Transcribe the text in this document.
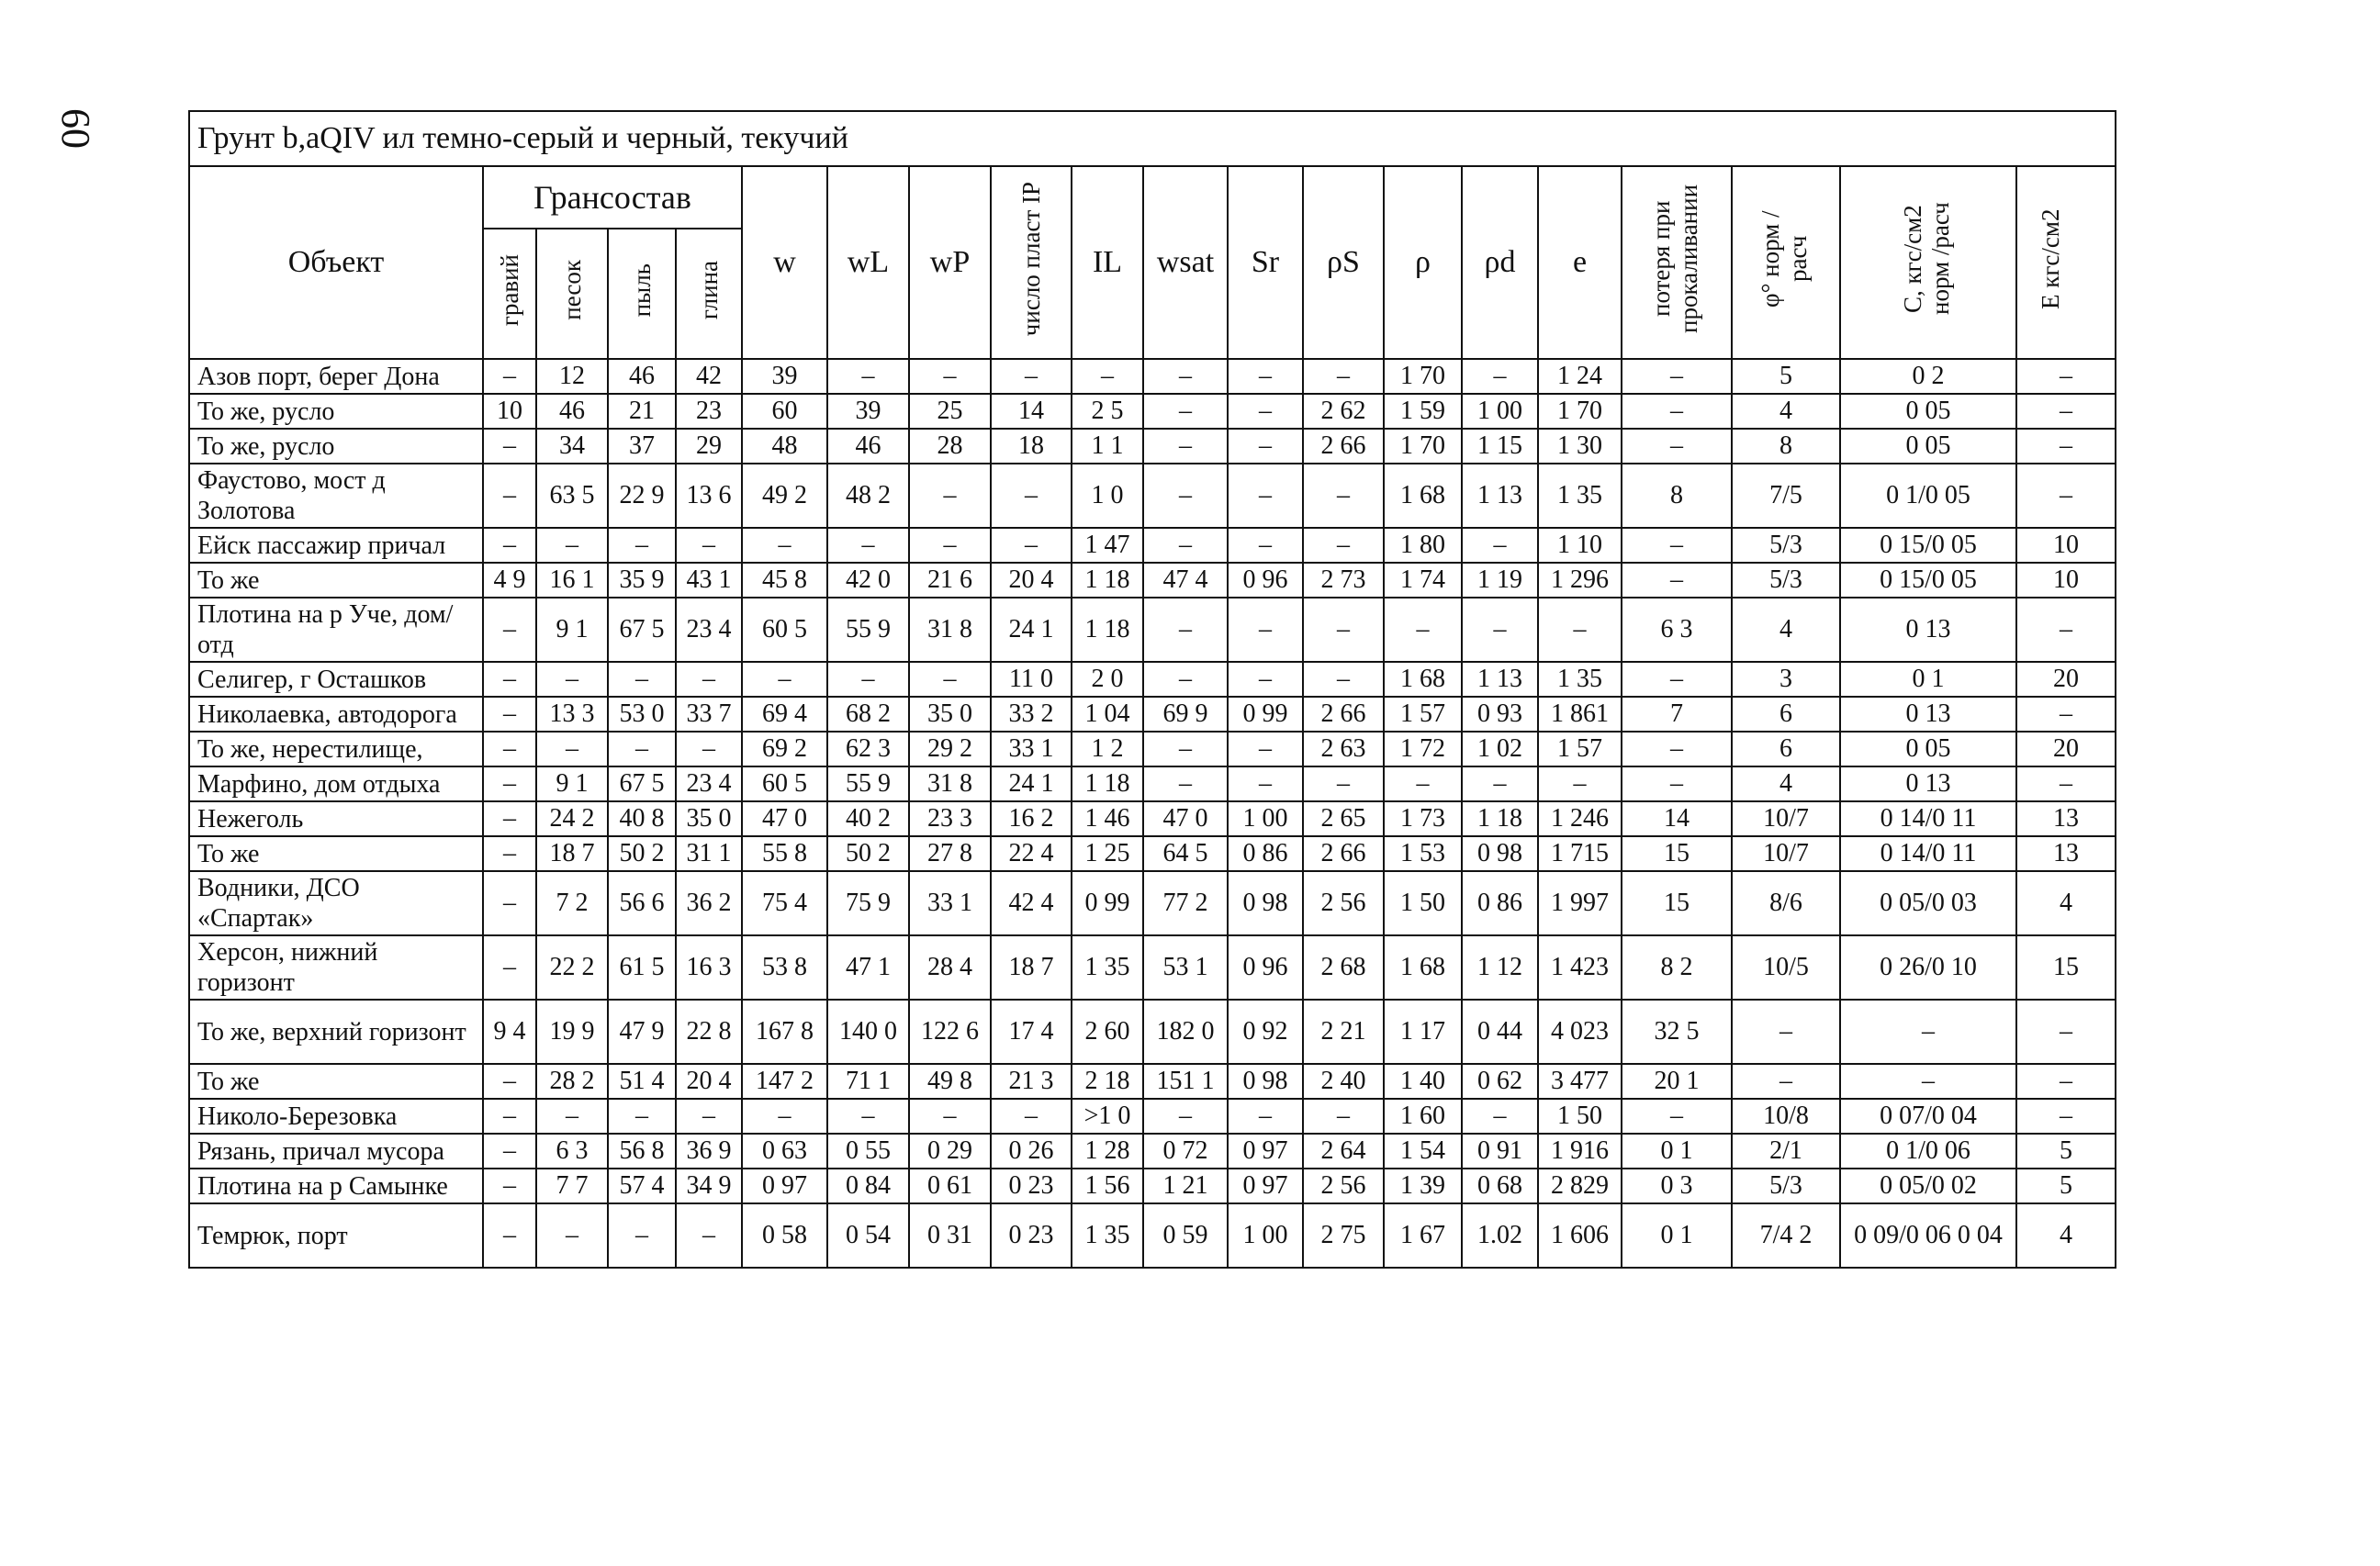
60	Грунт b,aQIV ил темно-серый и черный, текучий																			
Объект	Грансостав				w	wL	wP	число пласт IP	IL	wsat	Sr	ρS	ρ	ρd	e	потеря при прокаливании	φ° норм /расч	С, кгс/см2 норм /расч	Е кгс/см2
	гравий	песок	пыль	глина															
Азов порт, берег Дона	–	12	46	42	39	–	–	–	–	–	–	–	1 70	–	1 24	–	5	0 2	–
То же, русло	10	46	21	23	60	39	25	14	2 5	–	–	2 62	1 59	1 00	1 70	–	4	0 05	–
То же, русло	–	34	37	29	48	46	28	18	1 1	–	–	2 66	1 70	1 15	1 30	–	8	0 05	–
Фаустово, мост д Золотова	–	63 5	22 9	13 6	49 2	48 2	–	–	1 0	–	–	–	1 68	1 13	1 35	8	7/5	0 1/0 05	–
Ейск пассажир причал	–	–	–	–	–	–	–	–	1 47	–	–	–	1 80	–	1 10	–	5/3	0 15/0 05	10
То же	4 9	16 1	35 9	43 1	45 8	42 0	21 6	20 4	1 18	47 4	0 96	2 73	1 74	1 19	1 296	–	5/3	0 15/0 05	10
Плотина на р Уче, дом/отд	–	9 1	67 5	23 4	60 5	55 9	31 8	24 1	1 18	–	–	–	–	–	–	6 3	4	0 13	–
Селигер, г Осташков	–	–	–	–	–	–	–	11 0	2 0	–	–	–	1 68	1 13	1 35	–	3	0 1	20
Николаевка, автодорога	–	13 3	53 0	33 7	69 4	68 2	35 0	33 2	1 04	69 9	0 99	2 66	1 57	0 93	1 861	7	6	0 13	–
То же, нерестилище,	–	–	–	–	69 2	62 3	29 2	33 1	1 2	–	–	2 63	1 72	1 02	1 57	–	6	0 05	20
Марфино, дом отдыха	–	9 1	67 5	23 4	60 5	55 9	31 8	24 1	1 18	–	–	–	–	–	–	–	4	0 13	–
Нежеголь	–	24 2	40 8	35 0	47 0	40 2	23 3	16 2	1 46	47 0	1 00	2 65	1 73	1 18	1 246	14	10/7	0 14/0 11	13
То же	–	18 7	50 2	31 1	55 8	50 2	27 8	22 4	1 25	64 5	0 86	2 66	1 53	0 98	1 715	15	10/7	0 14/0 11	13
Водники, ДСО «Спартак»	–	7 2	56 6	36 2	75 4	75 9	33 1	42 4	0 99	77 2	0 98	2 56	1 50	0 86	1 997	15	8/6	0 05/0 03	4
Херсон, нижний горизонт	–	22 2	61 5	16 3	53 8	47 1	28 4	18 7	1 35	53 1	0 96	2 68	1 68	1 12	1 423	8 2	10/5	0 26/0 10	15
То же, верхний горизонт	9 4	19 9	47 9	22 8	167 8	140 0	122 6	17 4	2 60	182 0	0 92	2 21	1 17	0 44	4 023	32 5	–	–	–
То же	–	28 2	51 4	20 4	147 2	71 1	49 8	21 3	2 18	151 1	0 98	2 40	1 40	0 62	3 477	20 1	–	–	–
Николо-Березовка	–	–	–	–	–	–	–	–	>1 0	–	–	–	1 60	–	1 50	–	10/8	0 07/0 04	–
Рязань, причал мусора	–	6 3	56 8	36 9	0 63	0 55	0 29	0 26	1 28	0 72	0 97	2 64	1 54	0 91	1 916	0 1	2/1	0 1/0 06	5
Плотина на р Самынке	–	7 7	57 4	34 9	0 97	0 84	0 61	0 23	1 56	1 21	0 97	2 56	1 39	0 68	2 829	0 3	5/3	0 05/0 02	5
Темрюк, порт	–	–	–	–	0 58	0 54	0 31	0 23	1 35	0 59	1 00	2 75	1 67	1.02	1 606	0 1	7/4 2	0 09/0 06 0 04	4
